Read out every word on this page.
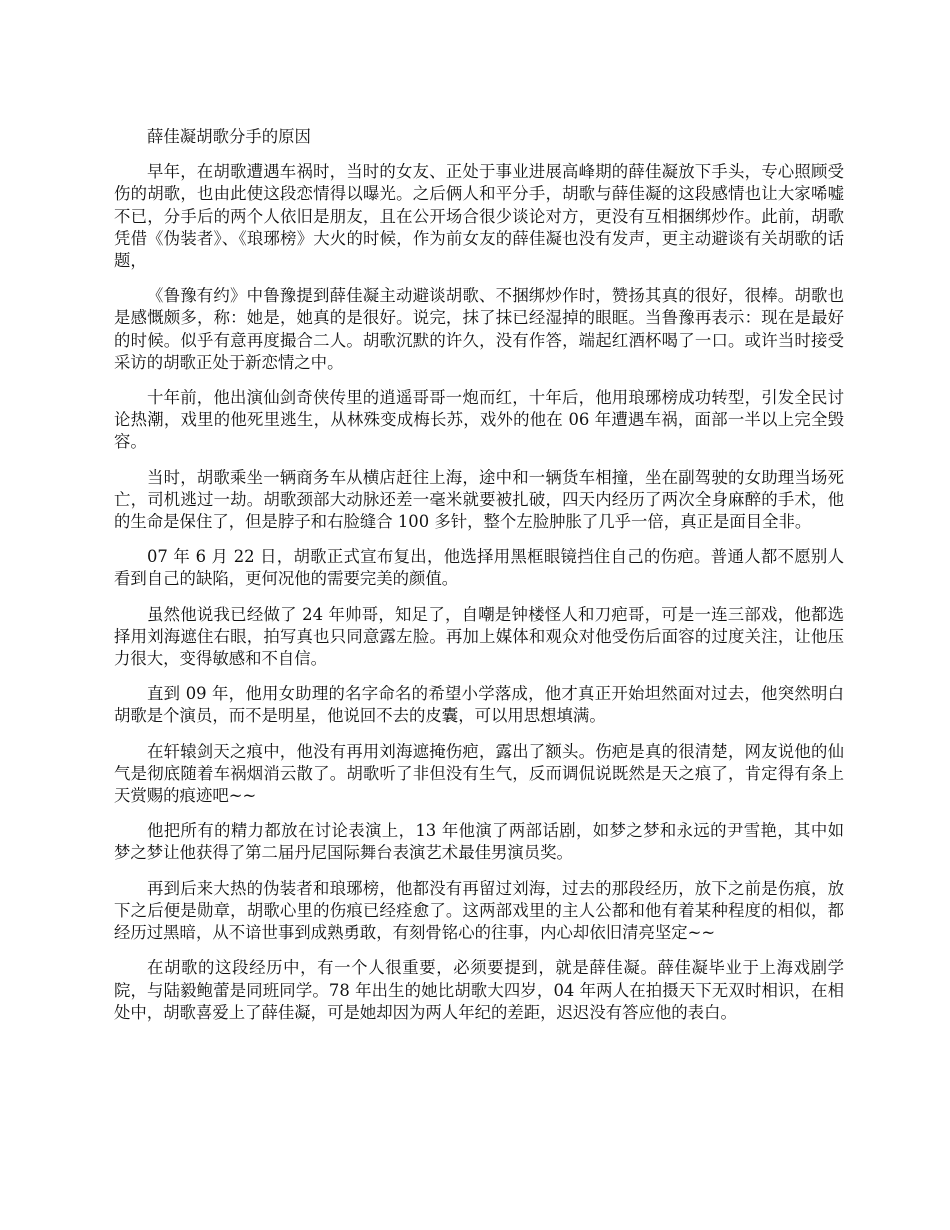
薛佳凝胡歌分手的原因
早年，在胡歌遭遇车祸时，当时的女友、正处于事业进展高峰期的薛佳凝放下手头，专心照顾受伤的胡歌，也由此使这段恋情得以曝光。之后俩人和平分手，胡歌与薛佳凝的这段感情也让大家唏嘘不已，分手后的两个人依旧是朋友，且在公开场合很少谈论对方，更没有互相捆绑炒作。此前，胡歌凭借《伪装者》、《琅琊榜》大火的时候，作为前女友的薛佳凝也没有发声，更主动避谈有关胡歌的话题，
《鲁豫有约》中鲁豫提到薛佳凝主动避谈胡歌、不捆绑炒作时，赞扬其真的很好，很棒。胡歌也是感慨颇多，称：她是，她真的是很好。说完，抹了抹已经湿掉的眼眶。当鲁豫再表示：现在是最好的时候。似乎有意再度撮合二人。胡歌沉默的许久，没有作答，端起红酒杯喝了一口。或许当时接受采访的胡歌正处于新恋情之中。
十年前，他出演仙剑奇侠传里的逍遥哥哥一炮而红，十年后，他用琅琊榜成功转型，引发全民讨论热潮，戏里的他死里逃生，从林殊变成梅长苏，戏外的他在 06 年遭遇车祸，面部一半以上完全毁容。
当时，胡歌乘坐一辆商务车从横店赶往上海，途中和一辆货车相撞，坐在副驾驶的女助理当场死亡，司机逃过一劫。胡歌颈部大动脉还差一毫米就要被扎破，四天内经历了两次全身麻醉的手术，他的生命是保住了，但是脖子和右脸缝合 100 多针，整个左脸肿胀了几乎一倍，真正是面目全非。
07 年 6 月 22 日，胡歌正式宣布复出，他选择用黑框眼镜挡住自己的伤疤。普通人都不愿别人看到自己的缺陷，更何况他的需要完美的颜值。
虽然他说我已经做了 24 年帅哥，知足了，自嘲是钟楼怪人和刀疤哥，可是一连三部戏，他都选择用刘海遮住右眼，拍写真也只同意露左脸。再加上媒体和观众对他受伤后面容的过度关注，让他压力很大，变得敏感和不自信。
直到 09 年，他用女助理的名字命名的希望小学落成，他才真正开始坦然面对过去，他突然明白胡歌是个演员，而不是明星，他说回不去的皮囊，可以用思想填满。
在轩辕剑天之痕中，他没有再用刘海遮掩伤疤，露出了额头。伤疤是真的很清楚，网友说他的仙气是彻底随着车祸烟消云散了。胡歌听了非但没有生气，反而调侃说既然是天之痕了，肯定得有条上天赏赐的痕迹吧~~
他把所有的精力都放在讨论表演上，13 年他演了两部话剧，如梦之梦和永远的尹雪艳，其中如梦之梦让他获得了第二届丹尼国际舞台表演艺术最佳男演员奖。
再到后来大热的伪装者和琅琊榜，他都没有再留过刘海，过去的那段经历，放下之前是伤痕，放下之后便是勋章，胡歌心里的伤痕已经痊愈了。这两部戏里的主人公都和他有着某种程度的相似，都经历过黑暗，从不谙世事到成熟勇敢，有刻骨铭心的往事，内心却依旧清亮坚定~~
在胡歌的这段经历中，有一个人很重要，必须要提到，就是薛佳凝。薛佳凝毕业于上海戏剧学院，与陆毅鲍蕾是同班同学。78 年出生的她比胡歌大四岁，04 年两人在拍摄天下无双时相识，在相处中，胡歌喜爱上了薛佳凝，可是她却因为两人年纪的差距，迟迟没有答应他的表白。
